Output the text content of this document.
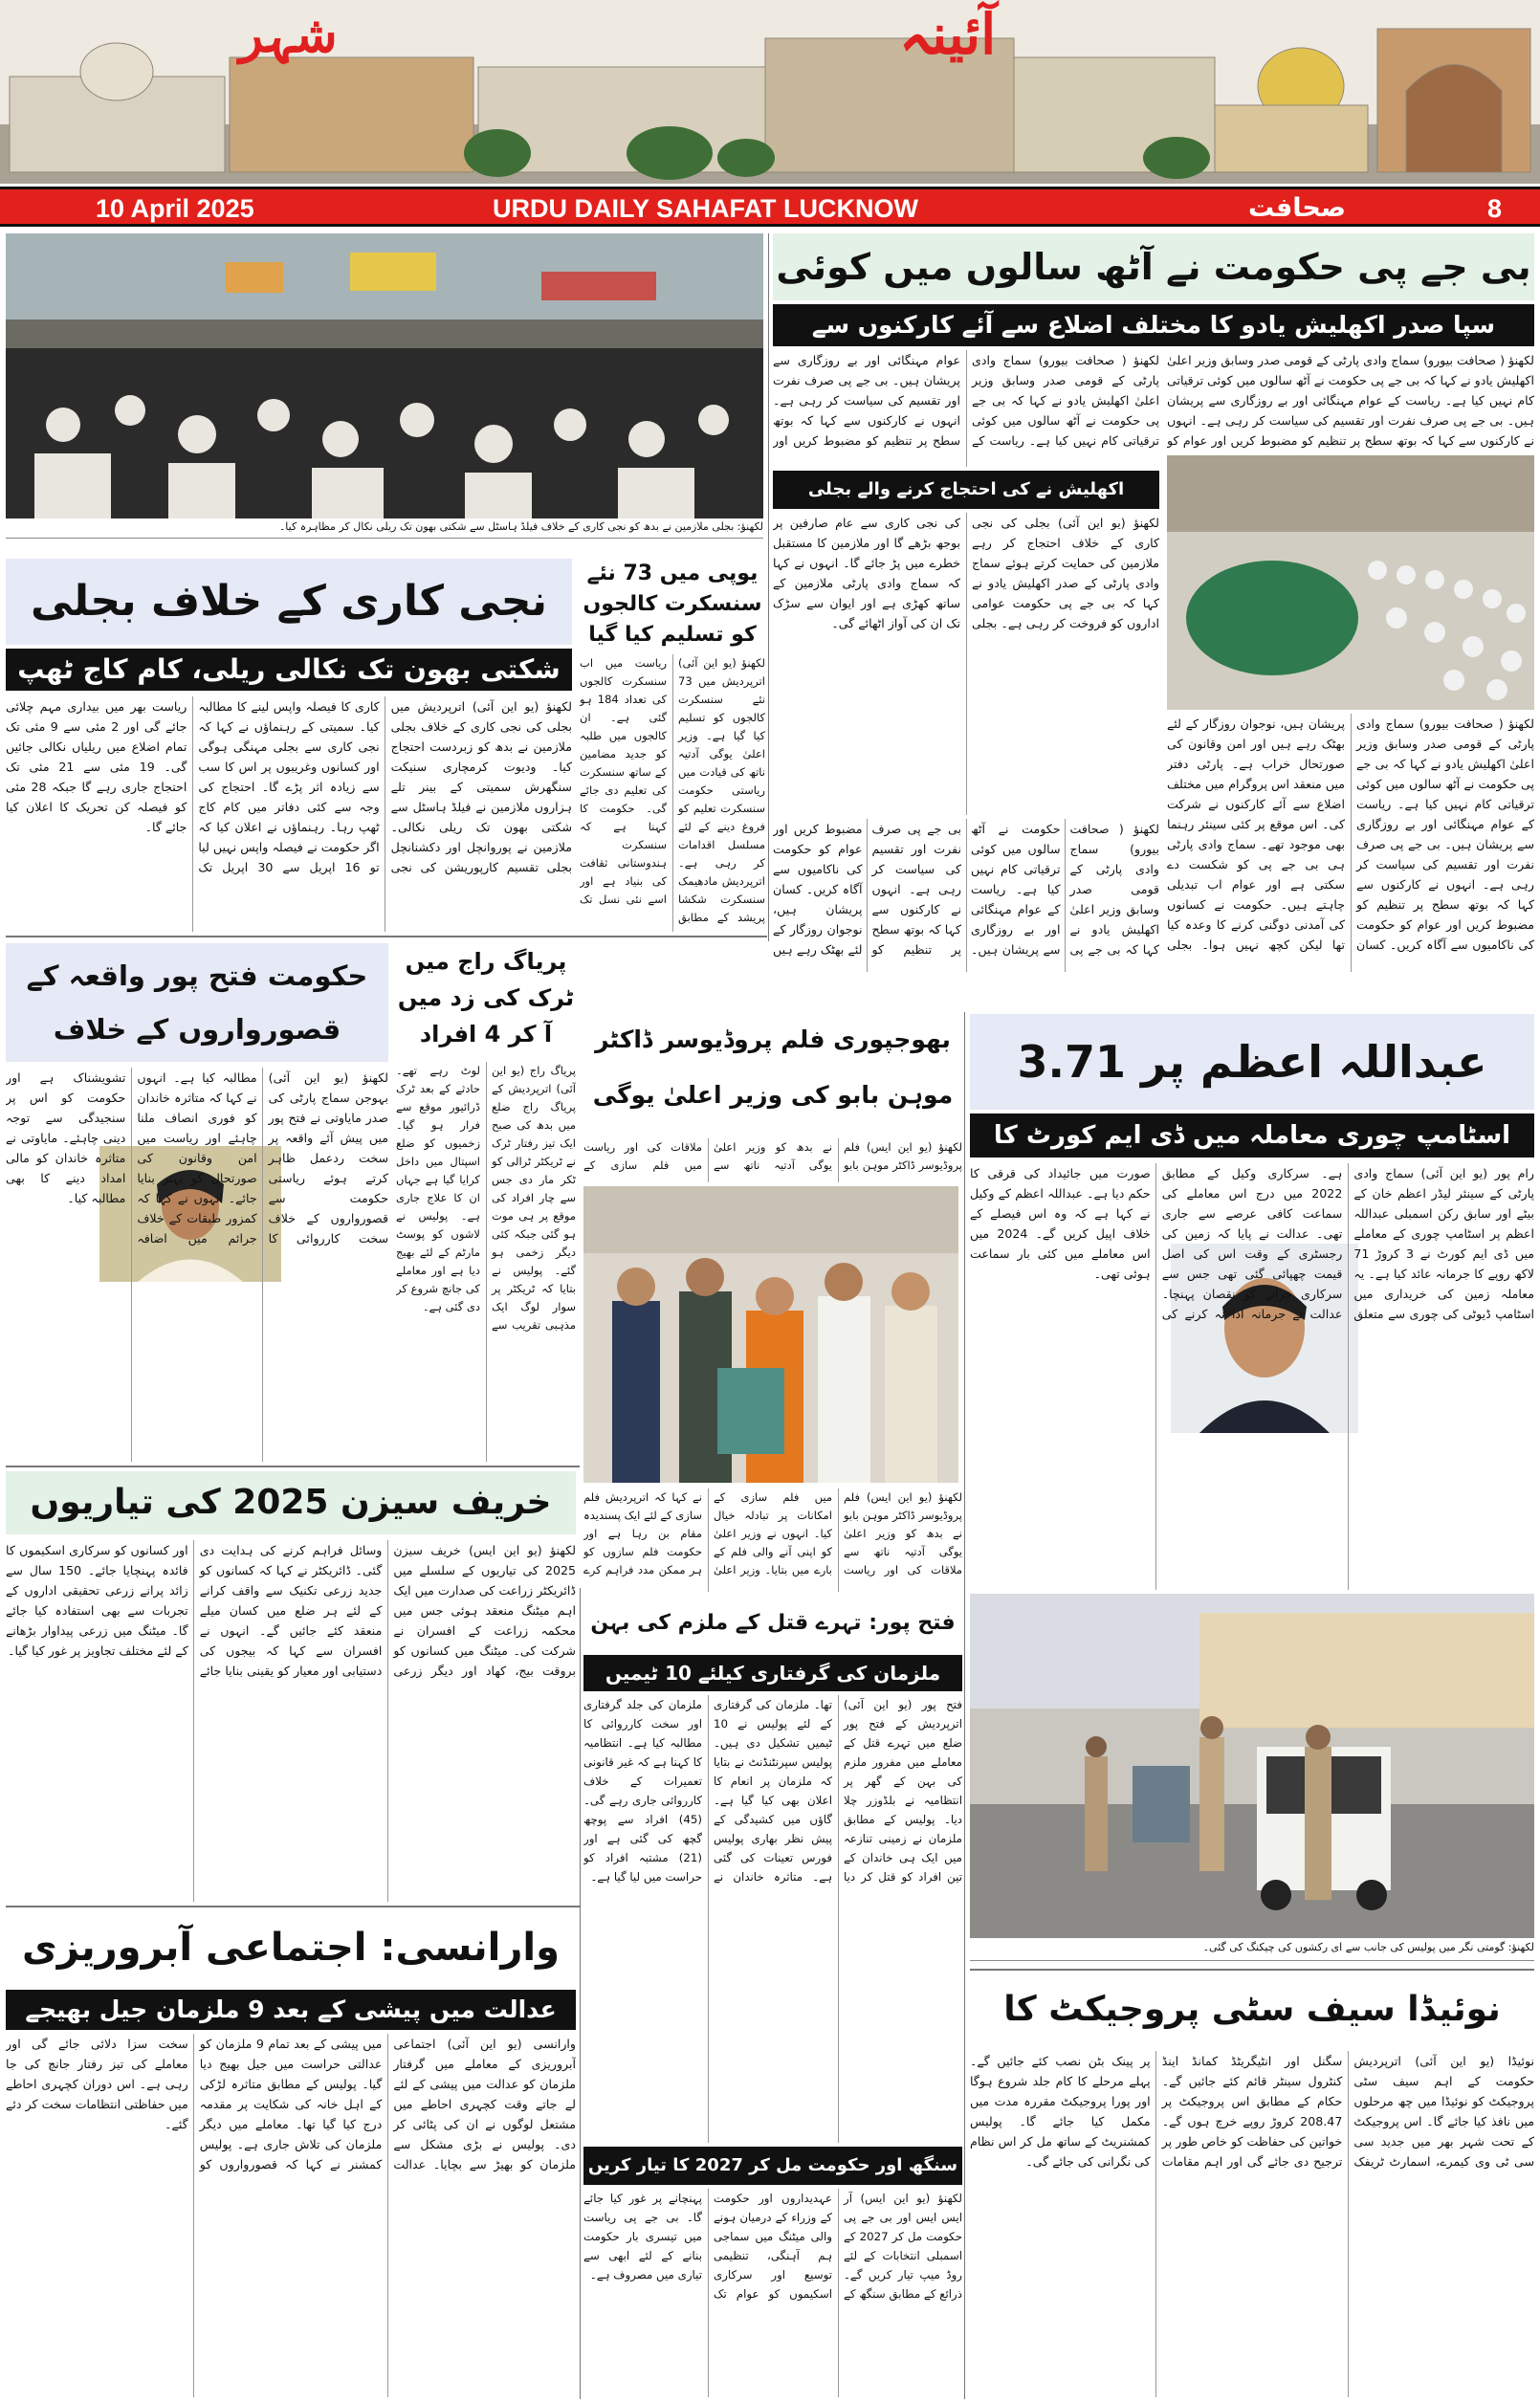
شہر	آئینہ
10 April 2025	URDU DAILY SAHAFAT LUCKNOW	صحافت	8
لکھنؤ: بجلی ملازمین نے بدھ کو نجی کاری کے خلاف فیلڈ ہاسٹل سے شکتی بھون تک ریلی نکال کر مظاہرہ کیا۔
بی جے پی حکومت نے آٹھ سالوں میں کوئی
سپا صدر اکھلیش یادو کا مختلف اضلاع سے آئے کارکنوں سے
لکھنؤ ( صحافت بیورو) سماج وادی پارٹی کے قومی صدر وسابق وزیر اعلیٰ اکھلیش یادو نے کہا کہ بی جے پی حکومت نے آٹھ سالوں میں کوئی ترقیاتی کام نہیں کیا ہے۔ ریاست کے عوام مہنگائی اور بے روزگاری سے پریشان ہیں۔ بی جے پی صرف نفرت اور تقسیم کی سیاست کر رہی ہے۔ انہوں نے کارکنوں سے کہا کہ بوتھ سطح پر تنظیم کو مضبوط کریں اور عوام کو
لکھنؤ ( صحافت بیورو) سماج وادی پارٹی کے قومی صدر وسابق وزیر اعلیٰ اکھلیش یادو نے کہا کہ بی جے پی حکومت نے آٹھ سالوں میں کوئی ترقیاتی کام نہیں کیا ہے۔ ریاست کے عوام مہنگائی اور بے روزگاری سے پریشان ہیں۔ بی جے پی صرف نفرت اور تقسیم کی سیاست کر رہی ہے۔ انہوں نے کارکنوں سے کہا کہ بوتھ سطح پر تنظیم کو مضبوط کریں اور عوام کو حکومت کی ناکامیوں سے آگاہ کریں۔ کسان پریشان ہیں، نوجوان روزگار کے لئے بھٹک رہے ہیں اور امن وقانون کی صورتحال خراب ہے۔ پارٹی دفتر میں منعقد اس پروگرام میں مختلف اضلاع سے آئے کارکنوں نے شرکت کی۔ اس موقع پر کئی سینئر رہنما بھی موجود تھے۔ سماج وادی پارٹی ہی بی جے پی کو شکست دے سکتی ہے اور عوام اب تبدیلی چاہتے ہیں۔ حکومت نے کسانوں کی آمدنی دوگنی کرنے کا وعدہ کیا تھا لیکن کچھ نہیں ہوا۔ بجلی
لکھنؤ ( صحافت بیورو) سماج وادی پارٹی کے قومی صدر وسابق وزیر اعلیٰ اکھلیش یادو نے کہا کہ بی جے پی حکومت نے آٹھ سالوں میں کوئی ترقیاتی کام نہیں کیا ہے۔ ریاست کے عوام مہنگائی اور بے روزگاری سے پریشان ہیں۔ بی جے پی صرف نفرت اور تقسیم کی سیاست کر رہی ہے۔ انہوں نے کارکنوں سے کہا کہ بوتھ سطح پر تنظیم کو مضبوط کریں اور
اکھلیش نے کی احتجاج کرنے والے بجلی
لکھنؤ (یو این آئی) بجلی کی نجی کاری کے خلاف احتجاج کر رہے ملازمین کی حمایت کرتے ہوئے سماج وادی پارٹی کے صدر اکھلیش یادو نے کہا کہ بی جے پی حکومت عوامی اداروں کو فروخت کر رہی ہے۔ بجلی کی نجی کاری سے عام صارفین پر بوجھ بڑھے گا اور ملازمین کا مستقبل خطرے میں پڑ جائے گا۔ انہوں نے کہا کہ سماج وادی پارٹی ملازمین کے ساتھ کھڑی ہے اور ایوان سے سڑک تک ان کی آواز اٹھائے گی۔
لکھنؤ ( صحافت بیورو) سماج وادی پارٹی کے قومی صدر وسابق وزیر اعلیٰ اکھلیش یادو نے کہا کہ بی جے پی حکومت نے آٹھ سالوں میں کوئی ترقیاتی کام نہیں کیا ہے۔ ریاست کے عوام مہنگائی اور بے روزگاری سے پریشان ہیں۔ بی جے پی صرف نفرت اور تقسیم کی سیاست کر رہی ہے۔ انہوں نے کارکنوں سے کہا کہ بوتھ سطح پر تنظیم کو مضبوط کریں اور عوام کو حکومت کی ناکامیوں سے آگاہ کریں۔ کسان پریشان ہیں، نوجوان روزگار کے لئے بھٹک رہے ہیں
نجی کاری کے خلاف بجلی
شکتی بھون تک نکالی ریلی، کام کاج ٹھپ
لکھنؤ (یو این آئی) اترپردیش میں بجلی کی نجی کاری کے خلاف بجلی ملازمین نے بدھ کو زبردست احتجاج کیا۔ ودیوت کرمچاری سنیکت سنگھرش سمیتی کے بینر تلے ہزاروں ملازمین نے فیلڈ ہاسٹل سے شکتی بھون تک ریلی نکالی۔ ملازمین نے پوروانچل اور دکشنانچل بجلی تقسیم کارپوریشن کی نجی کاری کا فیصلہ واپس لینے کا مطالبہ کیا۔ سمیتی کے رہنماؤں نے کہا کہ نجی کاری سے بجلی مہنگی ہوگی اور کسانوں وغریبوں پر اس کا سب سے زیادہ اثر پڑے گا۔ احتجاج کی وجہ سے کئی دفاتر میں کام کاج ٹھپ رہا۔ رہنماؤں نے اعلان کیا کہ اگر حکومت نے فیصلہ واپس نہیں لیا تو 16 اپریل سے 30 اپریل تک ریاست بھر میں بیداری مہم چلائی جائے گی اور 2 مئی سے 9 مئی تک تمام اضلاع میں ریلیاں نکالی جائیں گی۔ 19 مئی سے 21 مئی تک احتجاج جاری رہے گا جبکہ 28 مئی کو فیصلہ کن تحریک کا اعلان کیا جائے گا۔
یوپی میں 73 نئے سنسکرت کالجوں کو تسلیم کیا گیا
لکھنؤ (یو این آئی) اترپردیش میں 73 نئے سنسکرت کالجوں کو تسلیم کیا گیا ہے۔ وزیر اعلیٰ یوگی آدتیہ ناتھ کی قیادت میں ریاستی حکومت سنسکرت تعلیم کو فروغ دینے کے لئے مسلسل اقدامات کر رہی ہے۔ اترپردیش مادھیمک سنسکرت شکشا پریشد کے مطابق ریاست میں اب سنسکرت کالجوں کی تعداد 184 ہو گئی ہے۔ ان کالجوں میں طلبہ کو جدید مضامین کے ساتھ سنسکرت کی تعلیم دی جائے گی۔ حکومت کا کہنا ہے کہ سنسکرت ہندوستانی ثقافت کی بنیاد ہے اور اسے نئی نسل تک
حکومت فتح پور واقعہ کے قصورواروں کے خلاف
لکھنؤ (یو این آئی) بہوجن سماج پارٹی کی صدر مایاوتی نے فتح پور میں پیش آئے واقعہ پر سخت ردعمل ظاہر کرتے ہوئے ریاستی حکومت سے قصورواروں کے خلاف سخت کارروائی کا مطالبہ کیا ہے۔ انہوں نے کہا کہ متاثرہ خاندان کو فوری انصاف ملنا چاہئے اور ریاست میں امن وقانون کی صورتحال کو بہتر بنایا جائے۔ انہوں نے کہا کہ کمزور طبقات کے خلاف جرائم میں اضافہ تشویشناک ہے اور حکومت کو اس پر سنجیدگی سے توجہ دینی چاہئے۔ مایاوتی نے متاثرہ خاندان کو مالی امداد دینے کا بھی مطالبہ کیا۔
پریاگ راج میں ٹرک کی زد میں آ کر 4 افراد
پریاگ راج (یو این آئی) اترپردیش کے پریاگ راج ضلع میں بدھ کی صبح ایک تیز رفتار ٹرک نے ٹریکٹر ٹرالی کو ٹکر مار دی جس سے چار افراد کی موقع پر ہی موت ہو گئی جبکہ کئی دیگر زخمی ہو گئے۔ پولیس نے بتایا کہ ٹریکٹر پر سوار لوگ ایک مذہبی تقریب سے لوٹ رہے تھے۔ حادثے کے بعد ٹرک ڈرائیور موقع سے فرار ہو گیا۔ زخمیوں کو ضلع اسپتال میں داخل کرایا گیا ہے جہاں ان کا علاج جاری ہے۔ پولیس نے لاشوں کو پوسٹ مارٹم کے لئے بھیج دیا ہے اور معاملے کی جانچ شروع کر دی گئی ہے۔
بھوجپوری فلم پروڈیوسر ڈاکٹر موہن بابو کی وزیر اعلیٰ یوگی
لکھنؤ (یو این ایس) فلم پروڈیوسر ڈاکٹر موہن بابو نے بدھ کو وزیر اعلیٰ یوگی آدتیہ ناتھ سے ملاقات کی اور ریاست میں فلم سازی کے
لکھنؤ (یو این ایس) فلم پروڈیوسر ڈاکٹر موہن بابو نے بدھ کو وزیر اعلیٰ یوگی آدتیہ ناتھ سے ملاقات کی اور ریاست میں فلم سازی کے امکانات پر تبادلہ خیال کیا۔ انہوں نے وزیر اعلیٰ کو اپنی آنے والی فلم کے بارے میں بتایا۔ وزیر اعلیٰ نے کہا کہ اترپردیش فلم سازی کے لئے ایک پسندیدہ مقام بن رہا ہے اور حکومت فلم سازوں کو ہر ممکن مدد فراہم کرے
عبداللہ اعظم پر 3.71
اسٹامپ چوری معاملہ میں ڈی ایم کورٹ کا
رام پور (یو این آئی) سماج وادی پارٹی کے سینئر لیڈر اعظم خان کے بیٹے اور سابق رکن اسمبلی عبداللہ اعظم پر اسٹامپ چوری کے معاملے میں ڈی ایم کورٹ نے 3 کروڑ 71 لاکھ روپے کا جرمانہ عائد کیا ہے۔ یہ معاملہ زمین کی خریداری میں اسٹامپ ڈیوٹی کی چوری سے متعلق ہے۔ سرکاری وکیل کے مطابق 2022 میں درج اس معاملے کی سماعت کافی عرصے سے جاری تھی۔ عدالت نے پایا کہ زمین کی رجسٹری کے وقت اس کی اصل قیمت چھپائی گئی تھی جس سے سرکاری خزانے کو نقصان پہنچا۔ عدالت نے جرمانہ ادا نہ کرنے کی صورت میں جائیداد کی قرقی کا حکم دیا ہے۔ عبداللہ اعظم کے وکیل نے کہا ہے کہ وہ اس فیصلے کے خلاف اپیل کریں گے۔ 2024 میں اس معاملے میں کئی بار سماعت ہوئی تھی۔
خریف سیزن 2025 کی تیاریوں
لکھنؤ (یو این ایس) خریف سیزن 2025 کی تیاریوں کے سلسلے میں ڈائریکٹر زراعت کی صدارت میں ایک اہم میٹنگ منعقد ہوئی جس میں محکمہ زراعت کے افسران نے شرکت کی۔ میٹنگ میں کسانوں کو بروقت بیج، کھاد اور دیگر زرعی وسائل فراہم کرنے کی ہدایت دی گئی۔ ڈائریکٹر نے کہا کہ کسانوں کو جدید زرعی تکنیک سے واقف کرانے کے لئے ہر ضلع میں کسان میلے منعقد کئے جائیں گے۔ انہوں نے افسران سے کہا کہ بیجوں کی دستیابی اور معیار کو یقینی بنایا جائے اور کسانوں کو سرکاری اسکیموں کا فائدہ پہنچایا جائے۔ 150 سال سے زائد پرانے زرعی تحقیقی اداروں کے تجربات سے بھی استفادہ کیا جائے گا۔ میٹنگ میں زرعی پیداوار بڑھانے کے لئے مختلف تجاویز پر غور کیا گیا۔
فتح پور: تہرے قتل کے ملزم کی بہن
ملزمان کی گرفتاری کیلئے 10 ٹیمیں
فتح پور (یو این آئی) اترپردیش کے فتح پور ضلع میں تہرے قتل کے معاملے میں مفرور ملزم کی بہن کے گھر پر انتظامیہ نے بلڈوزر چلا دیا۔ پولیس کے مطابق ملزمان نے زمینی تنازعہ میں ایک ہی خاندان کے تین افراد کو قتل کر دیا تھا۔ ملزمان کی گرفتاری کے لئے پولیس نے 10 ٹیمیں تشکیل دی ہیں۔ پولیس سپرنٹنڈنٹ نے بتایا کہ ملزمان پر انعام کا اعلان بھی کیا گیا ہے۔ گاؤں میں کشیدگی کے پیش نظر بھاری پولیس فورس تعینات کی گئی ہے۔ متاثرہ خاندان نے ملزمان کی جلد گرفتاری اور سخت کارروائی کا مطالبہ کیا ہے۔ انتظامیہ کا کہنا ہے کہ غیر قانونی تعمیرات کے خلاف کارروائی جاری رہے گی۔ (45) افراد سے پوچھ گچھ کی گئی ہے اور (21) مشتبہ افراد کو حراست میں لیا گیا ہے۔
لکھنؤ: گومتی نگر میں پولیس کی جانب سے ای رکشوں کی چیکنگ کی گئی۔
نوئیڈا سیف سٹی پروجیکٹ کا
نوئیڈا (یو این آئی) اترپردیش حکومت کے اہم سیف سٹی پروجیکٹ کو نوئیڈا میں چھ مرحلوں میں نافذ کیا جائے گا۔ اس پروجیکٹ کے تحت شہر بھر میں جدید سی سی ٹی وی کیمرے، اسمارٹ ٹریفک سگنل اور انٹیگریٹڈ کمانڈ اینڈ کنٹرول سینٹر قائم کئے جائیں گے۔ حکام کے مطابق اس پروجیکٹ پر 208.47 کروڑ روپے خرچ ہوں گے۔ خواتین کی حفاظت کو خاص طور پر ترجیح دی جائے گی اور اہم مقامات پر پینک بٹن نصب کئے جائیں گے۔ پہلے مرحلے کا کام جلد شروع ہوگا اور پورا پروجیکٹ مقررہ مدت میں مکمل کیا جائے گا۔ پولیس کمشنریٹ کے ساتھ مل کر اس نظام کی نگرانی کی جائے گی۔
وارانسی: اجتماعی آبروریزی
عدالت میں پیشی کے بعد 9 ملزمان جیل بھیجے
وارانسی (یو این آئی) اجتماعی آبروریزی کے معاملے میں گرفتار ملزمان کو عدالت میں پیشی کے لئے لے جاتے وقت کچہری احاطے میں مشتعل لوگوں نے ان کی پٹائی کر دی۔ پولیس نے بڑی مشکل سے ملزمان کو بھیڑ سے بچایا۔ عدالت میں پیشی کے بعد تمام 9 ملزمان کو عدالتی حراست میں جیل بھیج دیا گیا۔ پولیس کے مطابق متاثرہ لڑکی کے اہل خانہ کی شکایت پر مقدمہ درج کیا گیا تھا۔ معاملے میں دیگر ملزمان کی تلاش جاری ہے۔ پولیس کمشنر نے کہا کہ قصورواروں کو سخت سزا دلائی جائے گی اور معاملے کی تیز رفتار جانچ کی جا رہی ہے۔ اس دوران کچہری احاطے میں حفاظتی انتظامات سخت کر دئے گئے۔
سنگھ اور حکومت مل کر 2027 کا تیار کریں
لکھنؤ (یو این ایس) آر ایس ایس اور بی جے پی حکومت مل کر 2027 کے اسمبلی انتخابات کے لئے روڈ میپ تیار کریں گے۔ ذرائع کے مطابق سنگھ کے عہدیداروں اور حکومت کے وزراء کے درمیان ہونے والی میٹنگ میں سماجی ہم آہنگی، تنظیمی توسیع اور سرکاری اسکیموں کو عوام تک پہنچانے پر غور کیا جائے گا۔ بی جے پی ریاست میں تیسری بار حکومت بنانے کے لئے ابھی سے تیاری میں مصروف ہے۔
